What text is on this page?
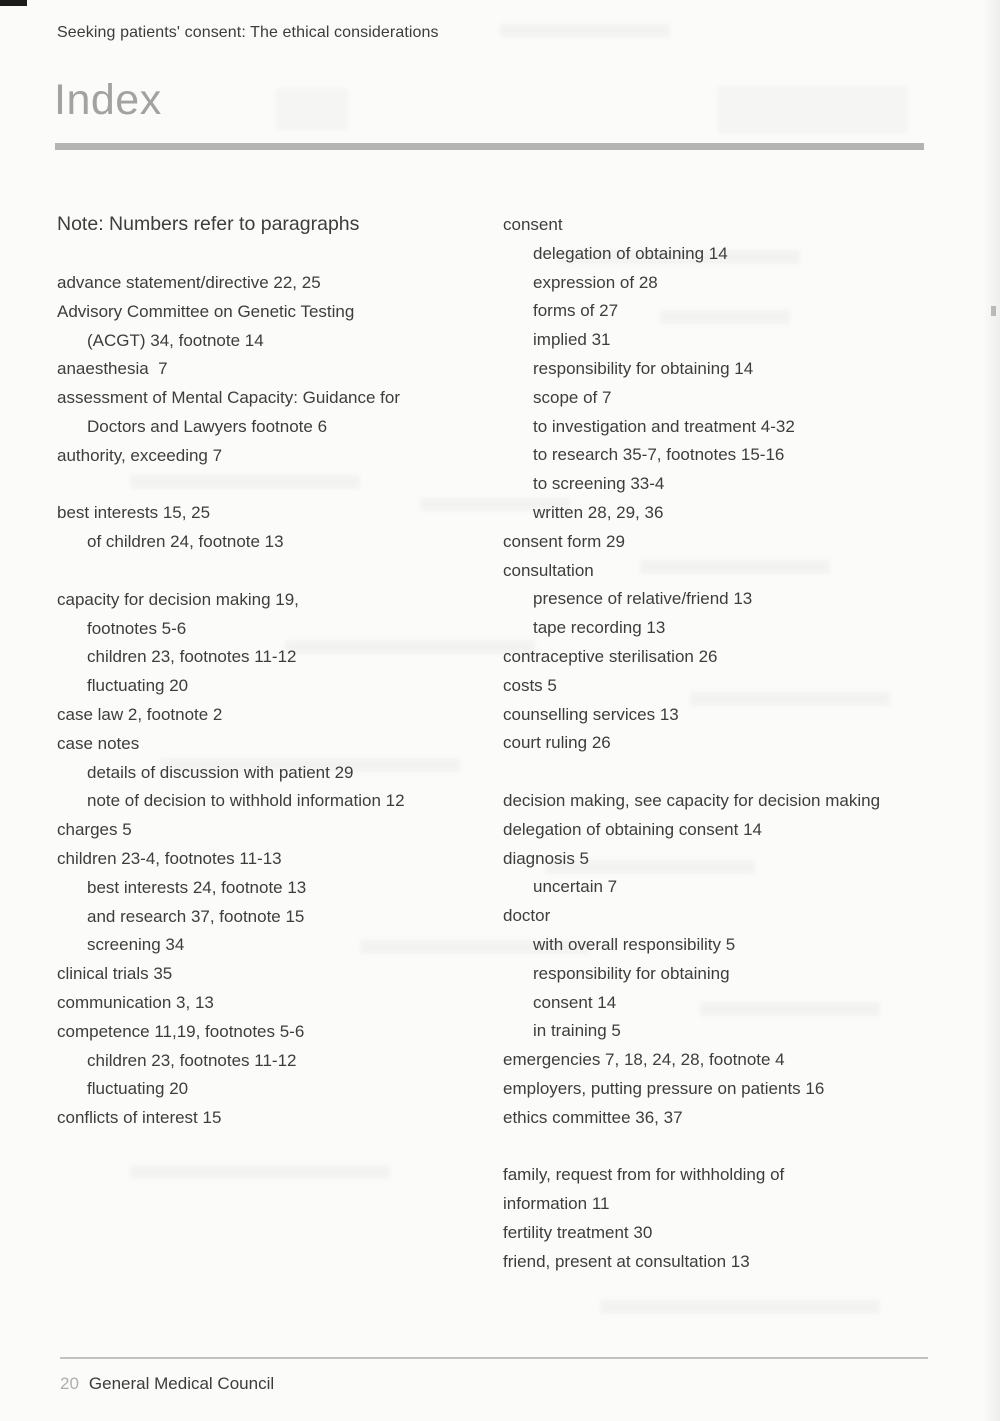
Seeking patients' consent: The ethical considerations
Index
Note: Numbers refer to paragraphs
advance statement/directive 22, 25
Advisory Committee on Genetic Testing
(ACGT) 34, footnote 14
anaesthesia  7
assessment of Mental Capacity: Guidance for
Doctors and Lawyers footnote 6
authority, exceeding 7

best interests 15, 25
of children 24, footnote 13

capacity for decision making 19,
footnotes 5-6
children 23, footnotes 11-12
fluctuating 20
case law 2, footnote 2
case notes
details of discussion with patient 29
note of decision to withhold information 12
charges 5
children 23-4, footnotes 11-13
best interests 24, footnote 13
and research 37, footnote 15
screening 34
clinical trials 35
communication 3, 13
competence 11,19, footnotes 5-6
children 23, footnotes 11-12
fluctuating 20
conflicts of interest 15
consent
delegation of obtaining 14
expression of 28
forms of 27
implied 31
responsibility for obtaining 14
scope of 7
to investigation and treatment 4-32
to research 35-7, footnotes 15-16
to screening 33-4
written 28, 29, 36
consent form 29
consultation
presence of relative/friend 13
tape recording 13
contraceptive sterilisation 26
costs 5
counselling services 13
court ruling 26

decision making, see capacity for decision making
delegation of obtaining consent 14
diagnosis 5
uncertain 7
doctor
with overall responsibility 5
responsibility for obtaining
consent 14
in training 5
emergencies 7, 18, 24, 28, footnote 4
employers, putting pressure on patients 16
ethics committee 36, 37

family, request from for withholding of
information 11
fertility treatment 30
friend, present at consultation 13
20 General Medical Council
